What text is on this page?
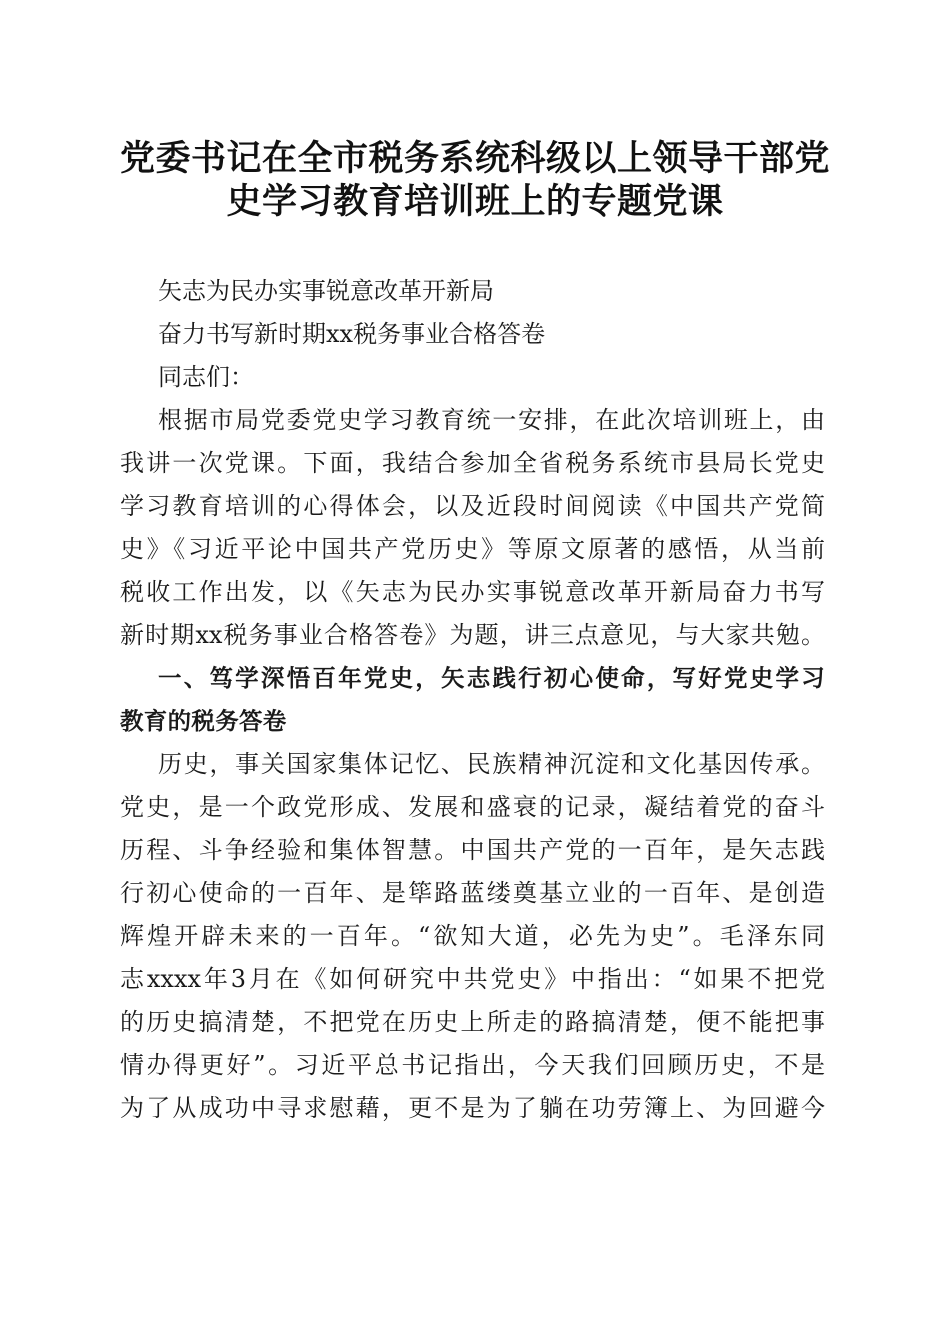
党委书记在全市税务系统科级以上领导干部党
史学习教育培训班上的专题党课
矢志为民办实事锐意改革开新局
奋力书写新时期xx税务事业合格答卷
同志们：
根据市局党委党史学习教育统一安排，在此次培训班上，由
我讲一次党课。下面，我结合参加全省税务系统市县局长党史
学习教育培训的心得体会，以及近段时间阅读《中国共产党简
史》《习近平论中国共产党历史》等原文原著的感悟，从当前
税收工作出发，以《矢志为民办实事锐意改革开新局奋力书写
新时期xx税务事业合格答卷》为题，讲三点意见，与大家共勉。
一、笃学深悟百年党史，矢志践行初心使命，写好党史学习
教育的税务答卷
历史，事关国家集体记忆、民族精神沉淀和文化基因传承。
党史，是一个政党形成、发展和盛衰的记录，凝结着党的奋斗
历程、斗争经验和集体智慧。中国共产党的一百年，是矢志践
行初心使命的一百年、是筚路蓝缕奠基立业的一百年、是创造
辉煌开辟未来的一百年。“欲知大道，必先为史”。毛泽东同
志xxxx年3月在《如何研究中共党史》中指出：“如果不把党
的历史搞清楚，不把党在历史上所走的路搞清楚，便不能把事
情办得更好”。习近平总书记指出，今天我们回顾历史，不是
为了从成功中寻求慰藉，更不是为了躺在功劳簿上、为回避今
